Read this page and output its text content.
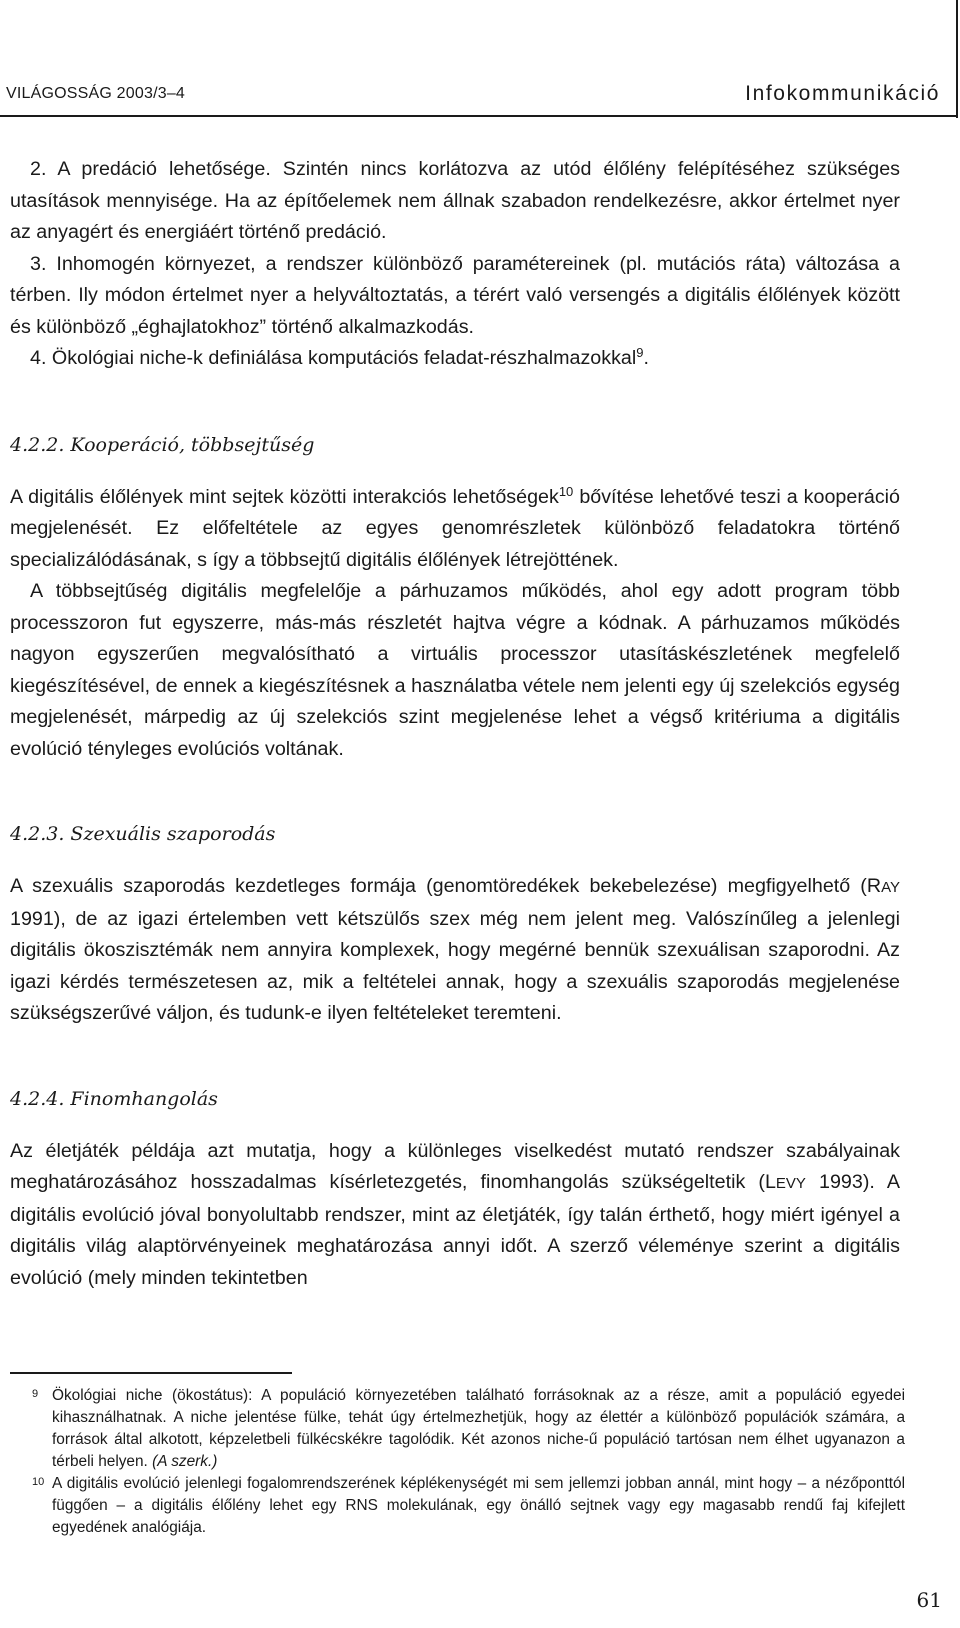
VILÁGOSSÁG 2003/3–4	Infokommunikáció

2. A predáció lehetősége. Szintén nincs korlátozva az utód élőlény felépítéséhez szükséges utasítások mennyisége. Ha az építőelemek nem állnak szabadon rendelkezésre, akkor értelmet nyer az anyagért és energiáért történő predáció.

3. Inhomogén környezet, a rendszer különböző paramétereinek (pl. mutációs ráta) változása a térben. Ily módon értelmet nyer a helyváltoztatás, a térért való versengés a digitális élőlények között és különböző „éghajlatokhoz” történő alkalmazkodás.

4. Ökológiai niche-k definiálása komputációs feladat-részhalmazokkal$^9$.

4.2.2. Kooperáció, többsejtűség

A digitális élőlények mint sejtek közötti interakciós lehetőségek$^{10}$ bővítése lehetővé teszi a kooperáció megjelenését. Ez előfeltétele az egyes genomrészletek különböző feladatokra történő specializálódásának, s így a többsejtű digitális élőlények létrejöttének.

A többsejtűség digitális megfelelője a párhuzamos működés, ahol egy adott program több processzoron fut egyszerre, más-más részletét hajtva végre a kódnak. A párhuzamos működés nagyon egyszerűen megvalósítható a virtuális processzor utasításkészletének megfelelő kiegészítésével, de ennek a kiegészítésnek a használatba vétele nem jelenti egy új szelekciós egység megjelenését, márpedig az új szelekciós szint megjelenése lehet a végső kritériuma a digitális evolúció tényleges evolúciós voltának.

4.2.3. Szexuális szaporodás

A szexuális szaporodás kezdetleges formája (genomtöredékek bekebelezése) megfigyelhető (RAY 1991), de az igazi értelemben vett kétszülős szex még nem jelent meg. Valószínűleg a jelenlegi digitális ökoszisztémák nem annyira komplexek, hogy megérné bennük szexuálisan szaporodni. Az igazi kérdés természetesen az, mik a feltételei annak, hogy a szexuális szaporodás megjelenése szükségszerűvé váljon, és tudunk-e ilyen feltételeket teremteni.

4.2.4. Finomhangolás

Az életjáték példája azt mutatja, hogy a különleges viselkedést mutató rendszer szabályainak meghatározásához hosszadalmas kísérletezgetés, finomhangolás szükségeltetik (LEVY 1993). A digitális evolúció jóval bonyolultabb rendszer, mint az életjáték, így talán érthető, hogy miért igényel a digitális világ alaptörvényeinek meghatározása annyi időt. A szerző véleménye szerint a digitális evolúció (mely minden tekintetben

9 Ökológiai niche (ökostátus): A populáció környezetében található forrásoknak az a része, amit a populáció egyedei kihasználhatnak. A niche jelentése fülke, tehát úgy értelmezhetjük, hogy az élettér a különböző populációk számára, a források által alkotott, képzeletbeli fülkécskékre tagolódik. Két azonos niche-ű populáció tartósan nem élhet ugyanazon a térbeli helyen. (A szerk.)

10 A digitális evolúció jelenlegi fogalomrendszerének képlékenységét mi sem jellemzi jobban annál, mint hogy – a nézőponttól függően – a digitális élőlény lehet egy RNS molekulának, egy önálló sejtnek vagy egy magasabb rendű faj kifejlett egyedének analógiája.

61
